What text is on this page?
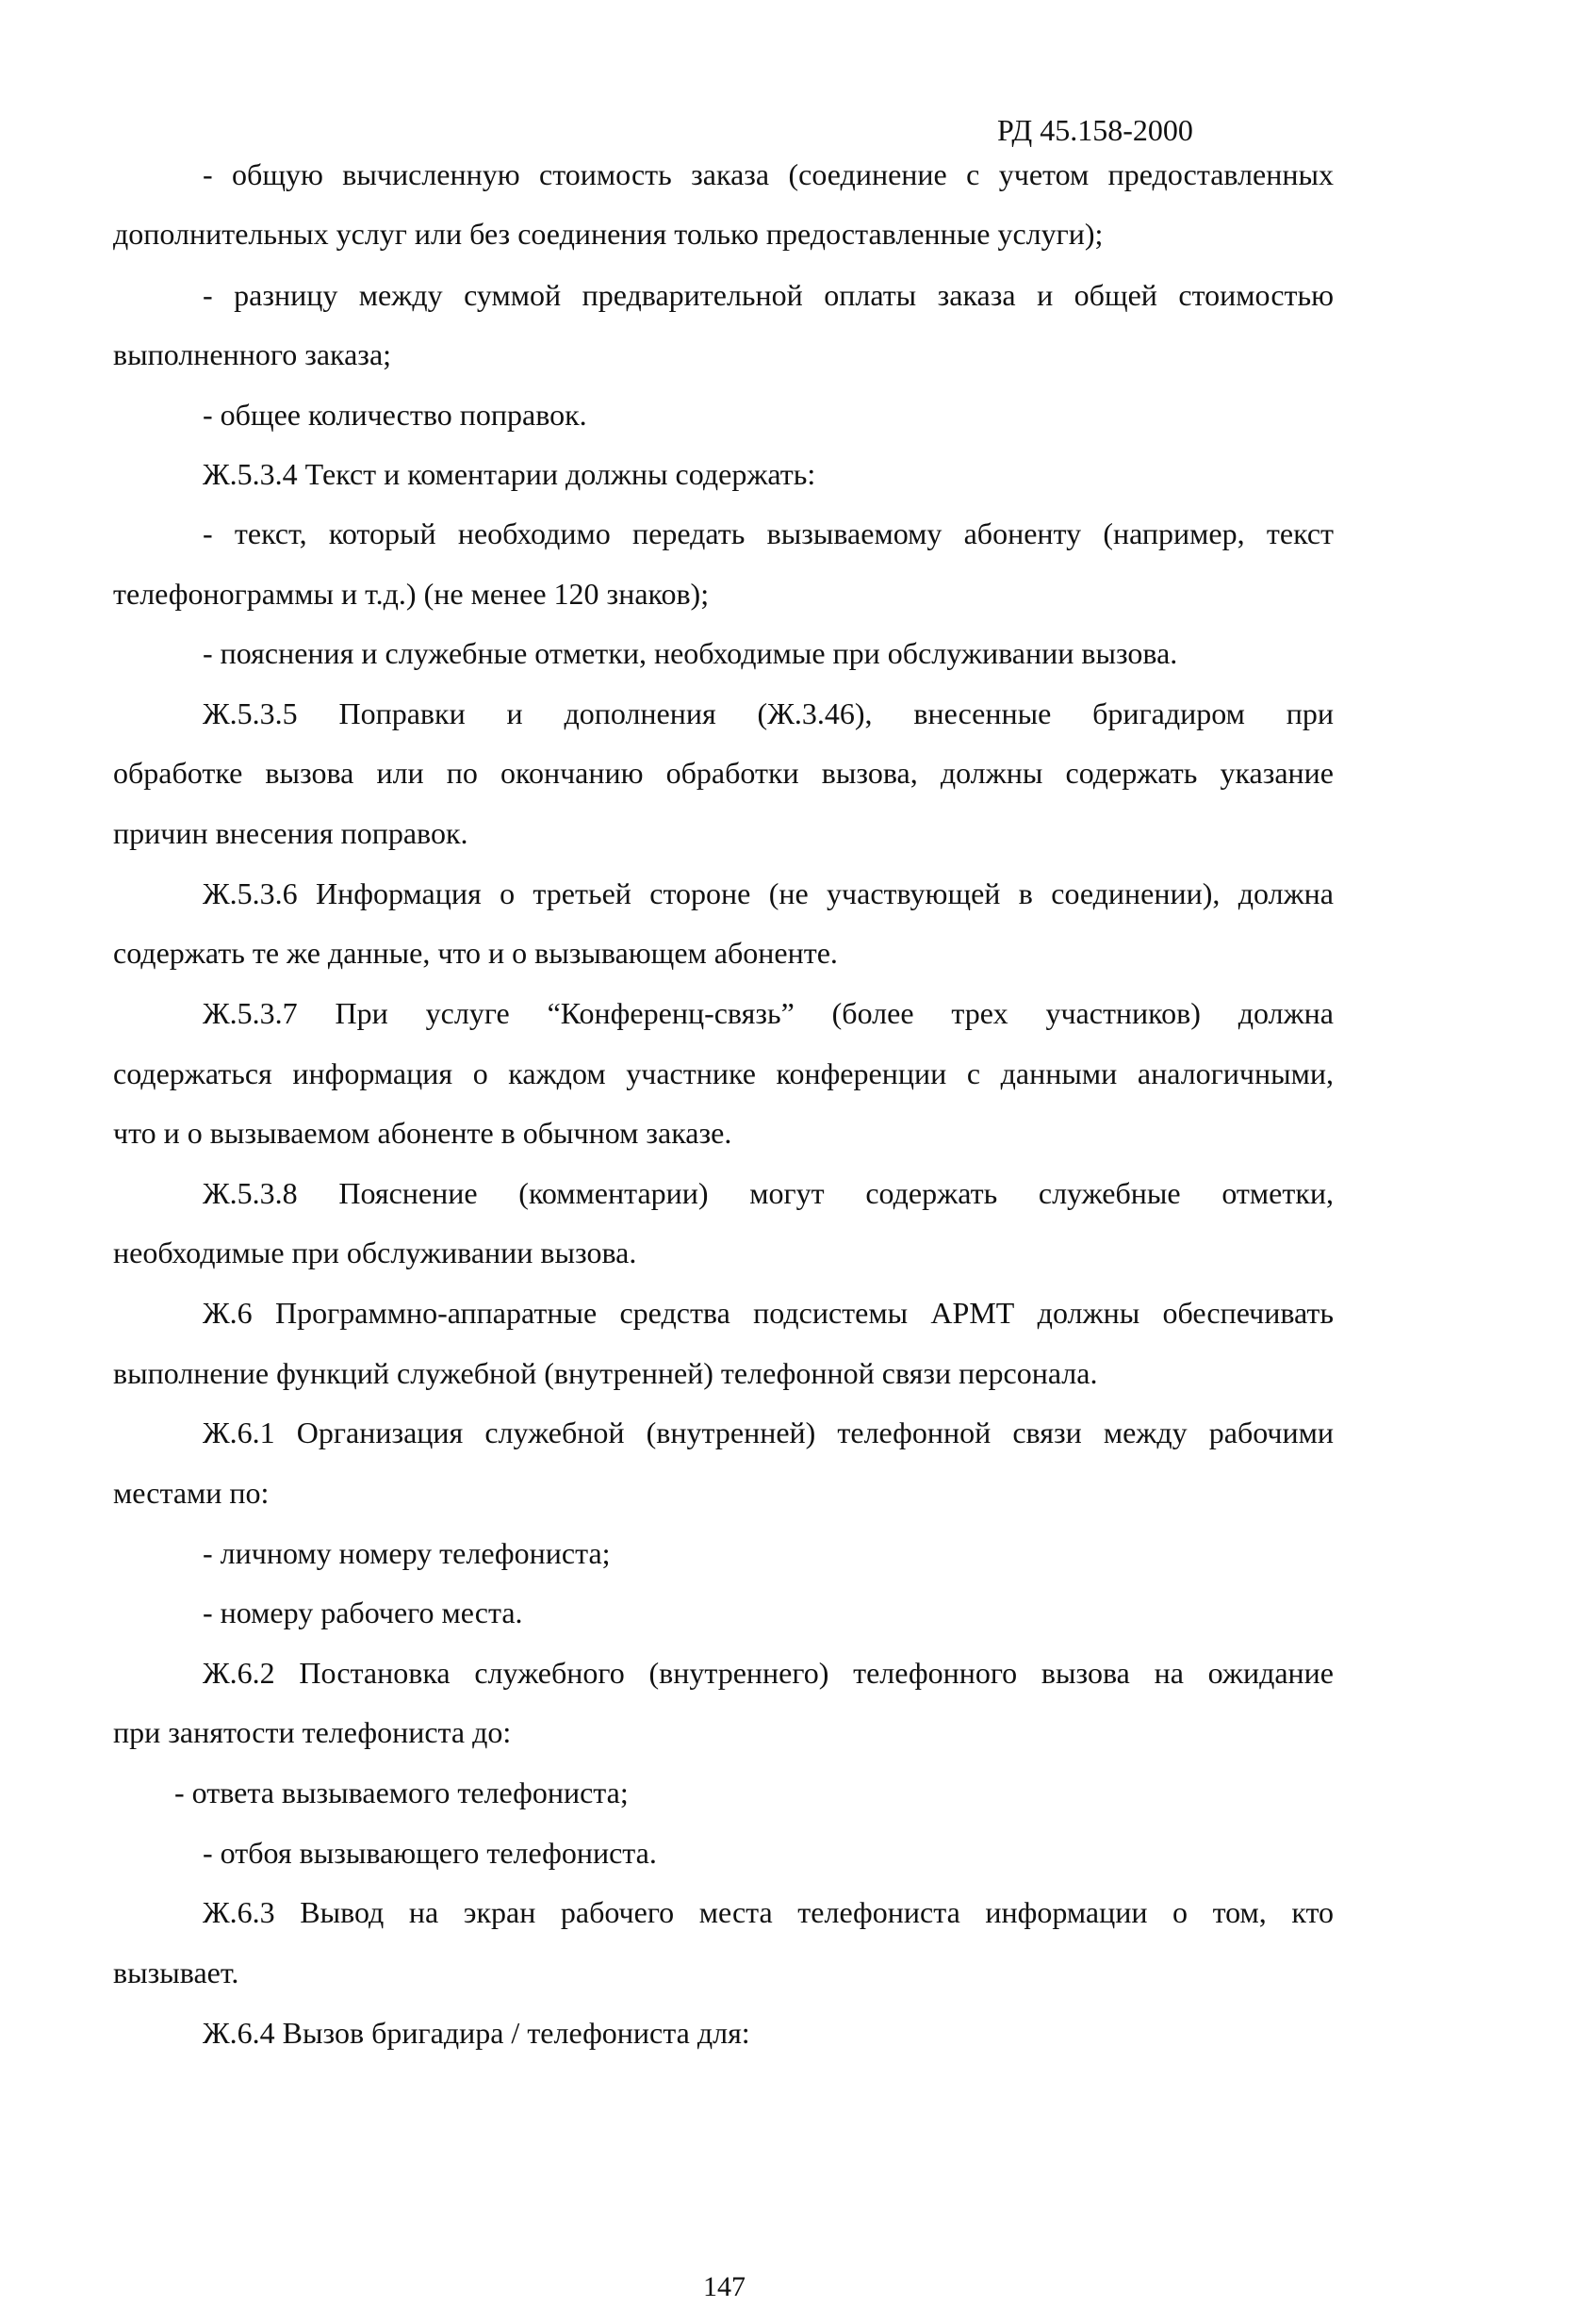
РД 45.158-2000
- общую вычисленную стоимость заказа (соединение с учетом предоставленных
дополнительных услуг или без соединения только предоставленные услуги);
- разницу между суммой предварительной оплаты заказа и общей стоимостью
выполненного заказа;
- общее количество поправок.
Ж.5.3.4 Текст и коментарии должны содержать:
- текст, который необходимо передать вызываемому абоненту (например, текст
телефонограммы и т.д.) (не менее 120 знаков);
- пояснения и служебные отметки, необходимые при обслуживании вызова.
Ж.5.3.5 Поправки и дополнения (Ж.3.46), внесенные бригадиром при
обработке вызова или по окончанию обработки вызова, должны содержать указание
причин внесения поправок.
Ж.5.3.6 Информация о третьей стороне (не участвующей в соединении), должна
содержать те же данные, что и о вызывающем абоненте.
Ж.5.3.7 При услуге “Конференц-связь” (более трех участников) должна
содержаться информация о каждом участнике конференции с данными аналогичными,
что и о вызываемом абоненте в обычном заказе.
Ж.5.3.8 Пояснение (комментарии) могут содержать служебные отметки,
необходимые при обслуживании вызова.
Ж.6 Программно-аппаратные средства подсистемы АРМТ должны обеспечивать
выполнение функций служебной (внутренней) телефонной связи персонала.
Ж.6.1 Организация служебной (внутренней) телефонной связи между рабочими
местами по:
- личному номеру телефониста;
- номеру рабочего места.
Ж.6.2 Постановка служебного (внутреннего) телефонного вызова на ожидание
при занятости телефониста до:
- ответа вызываемого телефониста;
- отбоя вызывающего телефониста.
Ж.6.3 Вывод на экран рабочего места телефониста информации о том, кто
вызывает.
Ж.6.4 Вызов бригадира / телефониста для:
147
